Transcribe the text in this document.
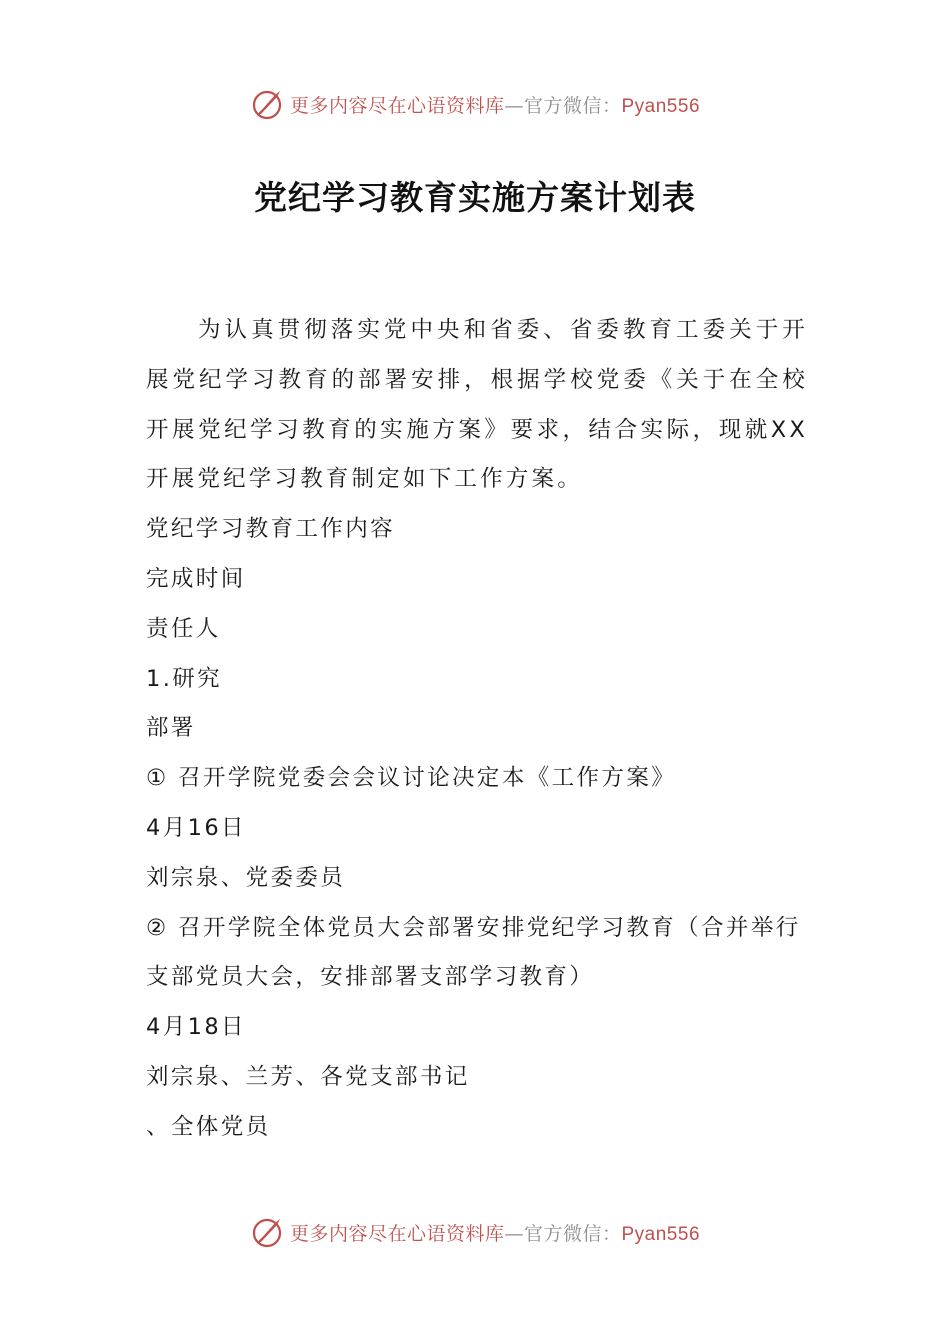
更多内容尽在心语资料库—官方微信：Pyan556
党纪学习教育实施方案计划表

为认真贯彻落实党中央和省委、省委教育工委关于开展党纪学习教育的部署安排，根据学校党委《关于在全校开展党纪学习教育的实施方案》要求，结合实际，现就XX开展党纪学习教育制定如下工作方案。

党纪学习教育工作内容

完成时间

责任人

1.研究

部署

① 召开学院党委会会议讨论决定本《工作方案》

4月16日

刘宗泉、党委委员

② 召开学院全体党员大会部署安排党纪学习教育（合并举行支部党员大会，安排部署支部学习教育）

4月18日

刘宗泉、兰芳、各党支部书记

、全体党员

更多内容尽在心语资料库—官方微信：Pyan556
